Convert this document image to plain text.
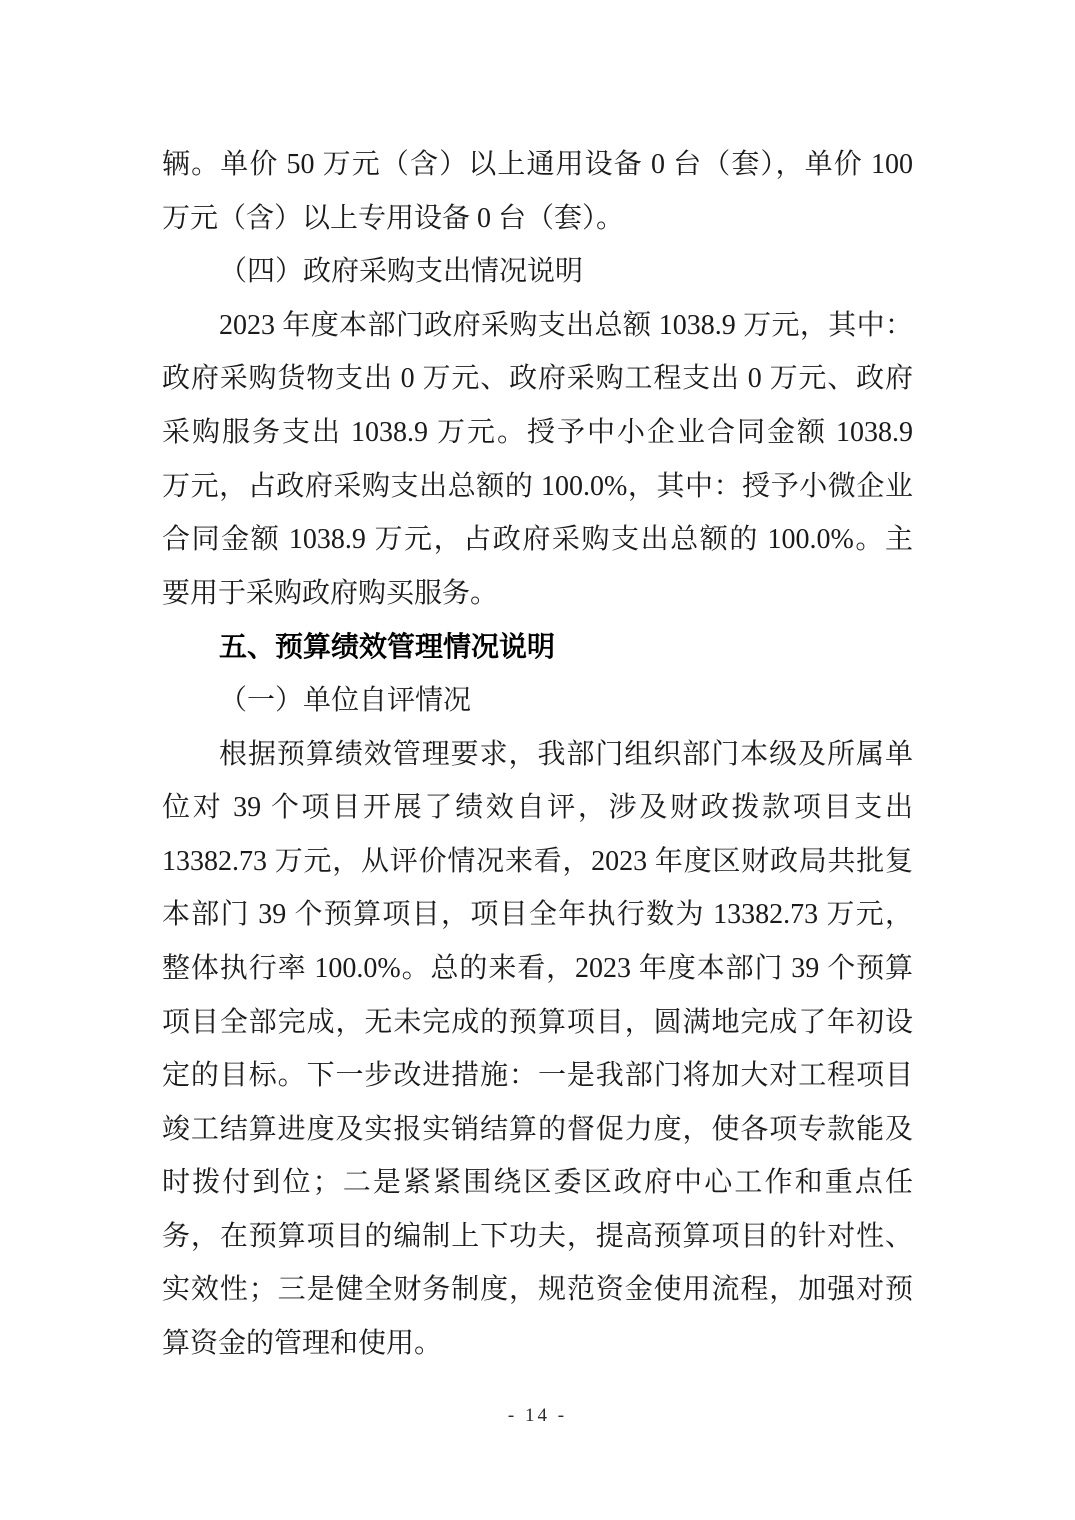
辆。单价 50 万元（含）以上通用设备 0 台（套），单价 100
万元（含）以上专用设备 0 台（套）。
（四）政府采购支出情况说明
2023 年度本部门政府采购支出总额 1038.9 万元，其中：
政府采购货物支出 0 万元、政府采购工程支出 0 万元、政府
采购服务支出 1038.9 万元。授予中小企业合同金额 1038.9
万元，占政府采购支出总额的 100.0%，其中：授予小微企业
合同金额 1038.9 万元，占政府采购支出总额的 100.0%。主
要用于采购政府购买服务。
五、预算绩效管理情况说明
（一）单位自评情况
根据预算绩效管理要求，我部门组织部门本级及所属单
位对 39 个项目开展了绩效自评，涉及财政拨款项目支出
13382.73 万元，从评价情况来看，2023 年度区财政局共批复
本部门 39 个预算项目，项目全年执行数为 13382.73 万元，
整体执行率 100.0%。总的来看，2023 年度本部门 39 个预算
项目全部完成，无未完成的预算项目，圆满地完成了年初设
定的目标。下一步改进措施：一是我部门将加大对工程项目
竣工结算进度及实报实销结算的督促力度，使各项专款能及
时拨付到位；二是紧紧围绕区委区政府中心工作和重点任
务，在预算项目的编制上下功夫，提高预算项目的针对性、
实效性；三是健全财务制度，规范资金使用流程，加强对预
算资金的管理和使用。
- 14 -
